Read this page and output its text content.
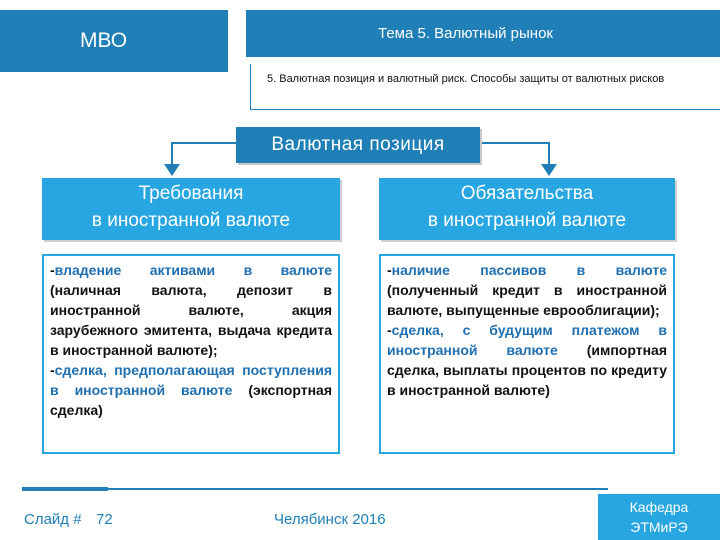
МВО	Тема 5. Валютный рынок
5. Валютная позиция и валютный риск. Способы защиты от валютных рисков
Валютная позиция
Требования
в иностранной валюте
Обязательства
в иностранной валюте

-владение активами в валюте (наличная валюта, депозит в иностранной валюте, акция зарубежного эмитента, выдача кредита в иностранной валюте);

-сделка, предполагающая поступления в иностранной валюте (экспортная сделка)

-наличие пассивов в валюте (полученный кредит в иностранной валюте, выпущенные еврооблигации);

-сделка, с будущим платежом в иностранной валюте (импортная сделка, выплаты процентов по кредиту в иностранной валюте)

Слайд # 72	Челябинск 2016
Кафедра
ЭТМиРЭ
